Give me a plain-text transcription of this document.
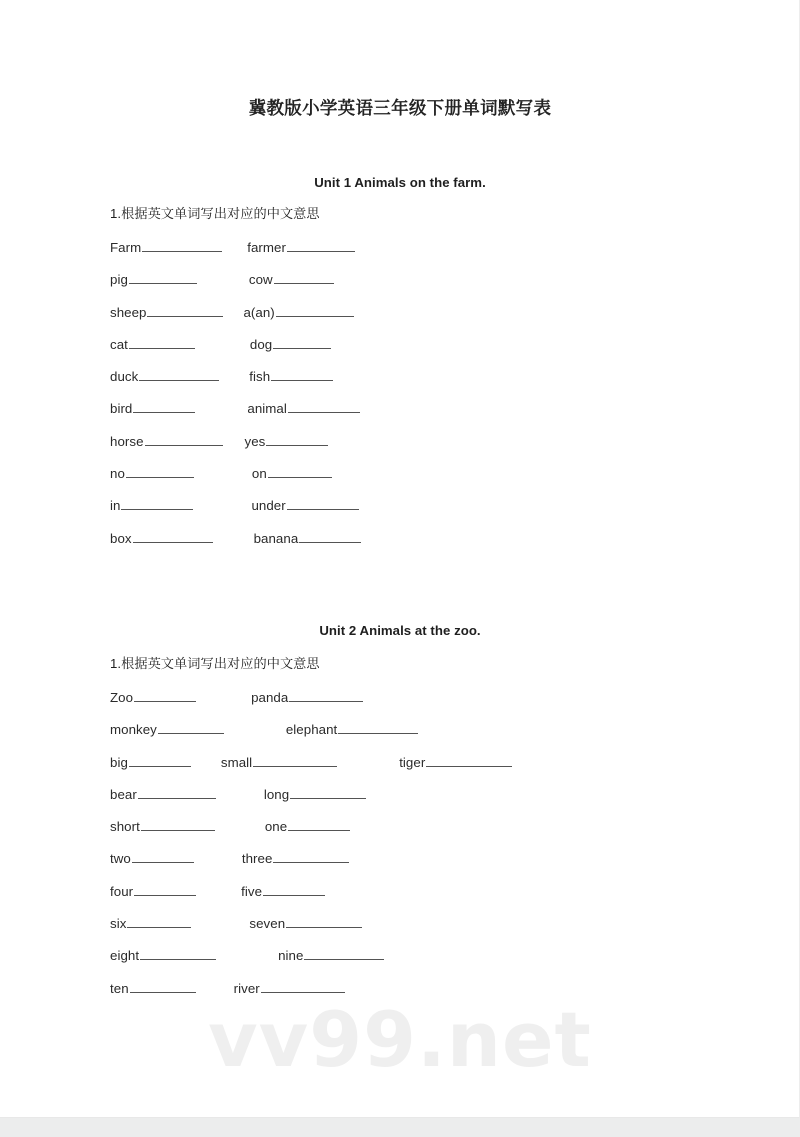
vv99.net
冀教版小学英语三年级下册单词默写表
Unit 1 Animals on the farm.
1.根据英文单词写出对应的中文意思
Farm	farmer
pig	cow
sheep	a(an)
cat	dog
duck	fish
bird	animal
horse	yes
no	on
in	under
box	banana
Unit 2 Animals at the zoo.
1.根据英文单词写出对应的中文意思
Zoo	panda
monkey	elephant
big	small	tiger
bear	long
short	one
two	three
four	five
six	seven
eight	nine
ten	river
